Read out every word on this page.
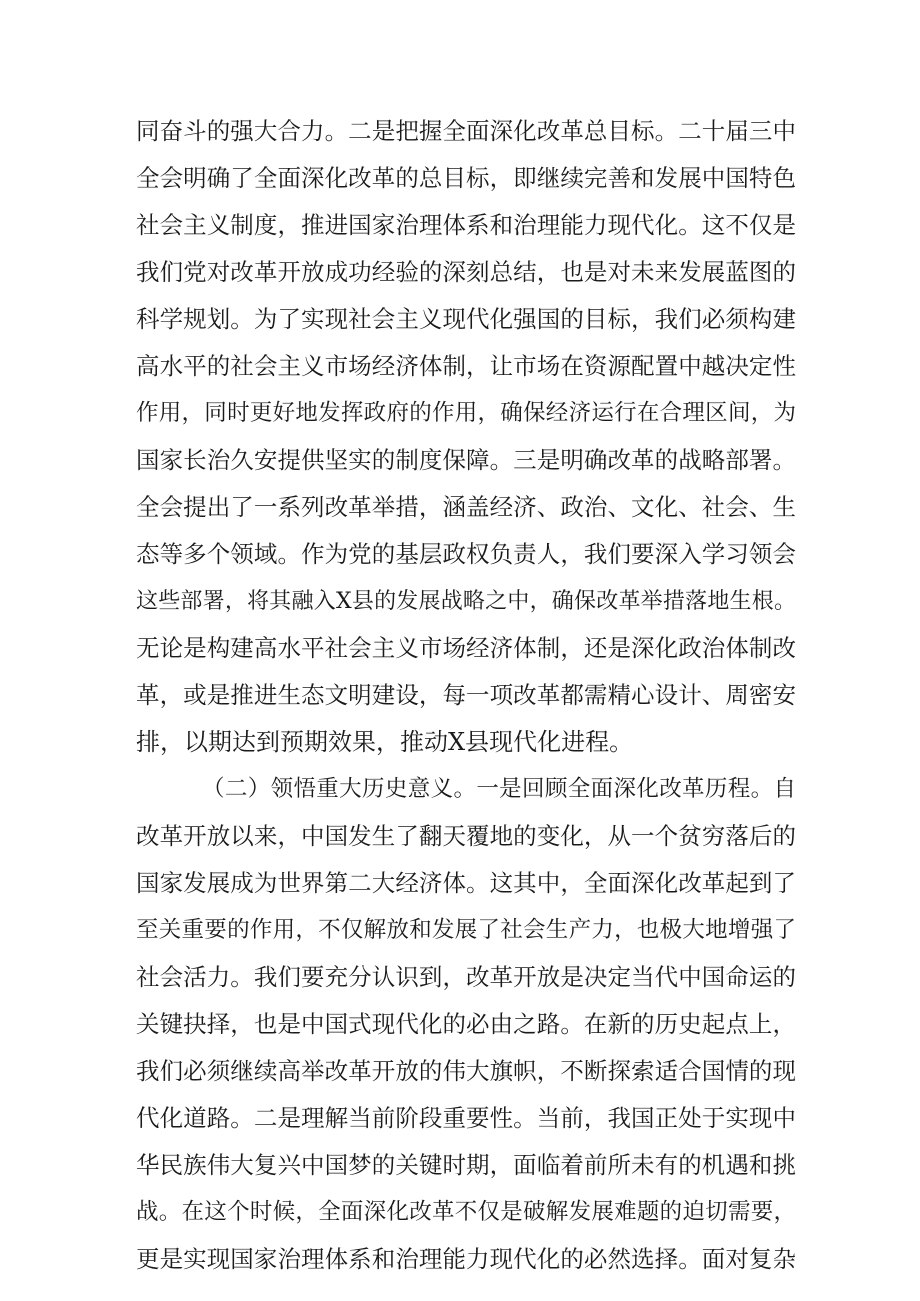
同奋斗的强大合力。二是把握全面深化改革总目标。二十届三中
全会明确了全面深化改革的总目标，即继续完善和发展中国特色
社会主义制度，推进国家治理体系和治理能力现代化。这不仅是
我们党对改革开放成功经验的深刻总结，也是对未来发展蓝图的
科学规划。为了实现社会主义现代化强国的目标，我们必须构建
高水平的社会主义市场经济体制，让市场在资源配置中越决定性
作用，同时更好地发挥政府的作用，确保经济运行在合理区间，为
国家长治久安提供坚实的制度保障。三是明确改革的战略部署。
全会提出了一系列改革举措，涵盖经济、政治、文化、社会、生
态等多个领域。作为党的基层政权负责人，我们要深入学习领会
这些部署，将其融入X县的发展战略之中，确保改革举措落地生根。
无论是构建高水平社会主义市场经济体制，还是深化政治体制改
革，或是推进生态文明建设，每一项改革都需精心设计、周密安
排，以期达到预期效果，推动X县现代化进程。
（二）领悟重大历史意义。一是回顾全面深化改革历程。自
改革开放以来，中国发生了翻天覆地的变化，从一个贫穷落后的
国家发展成为世界第二大经济体。这其中，全面深化改革起到了
至关重要的作用，不仅解放和发展了社会生产力，也极大地增强了
社会活力。我们要充分认识到，改革开放是决定当代中国命运的
关键抉择，也是中国式现代化的必由之路。在新的历史起点上，
我们必须继续高举改革开放的伟大旗帜，不断探索适合国情的现
代化道路。二是理解当前阶段重要性。当前，我国正处于实现中
华民族伟大复兴中国梦的关键时期，面临着前所未有的机遇和挑
战。在这个时候，全面深化改革不仅是破解发展难题的迫切需要，
更是实现国家治理体系和治理能力现代化的必然选择。面对复杂
